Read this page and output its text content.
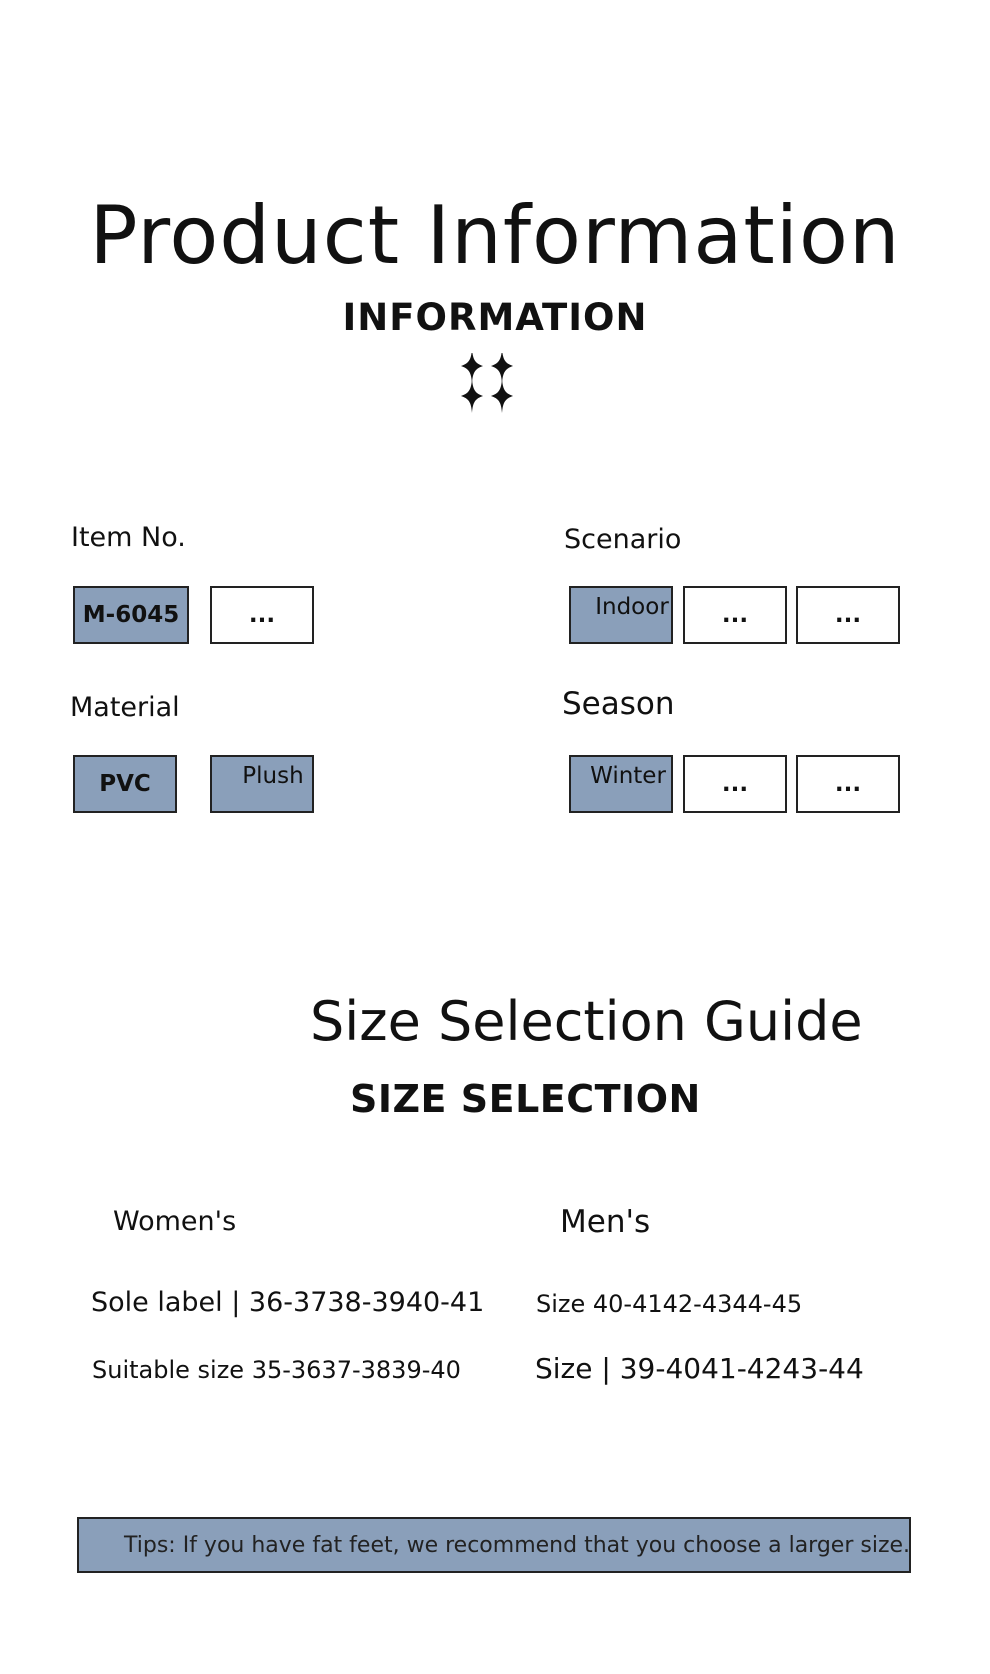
Product Information
INFORMATION
Item No.
M-6045	...
Scenario
Indoor	...	...
Material
PVC	Plush
Season
Winter	...	...
Size Selection Guide
SIZE SELECTION
Women's	Men's
Sole label | 36-3738-3940-41
Suitable size 35-3637-3839-40
Size 40-4142-4344-45
Size | 39-4041-4243-44
Tips: If you have fat feet, we recommend that you choose a larger size.
